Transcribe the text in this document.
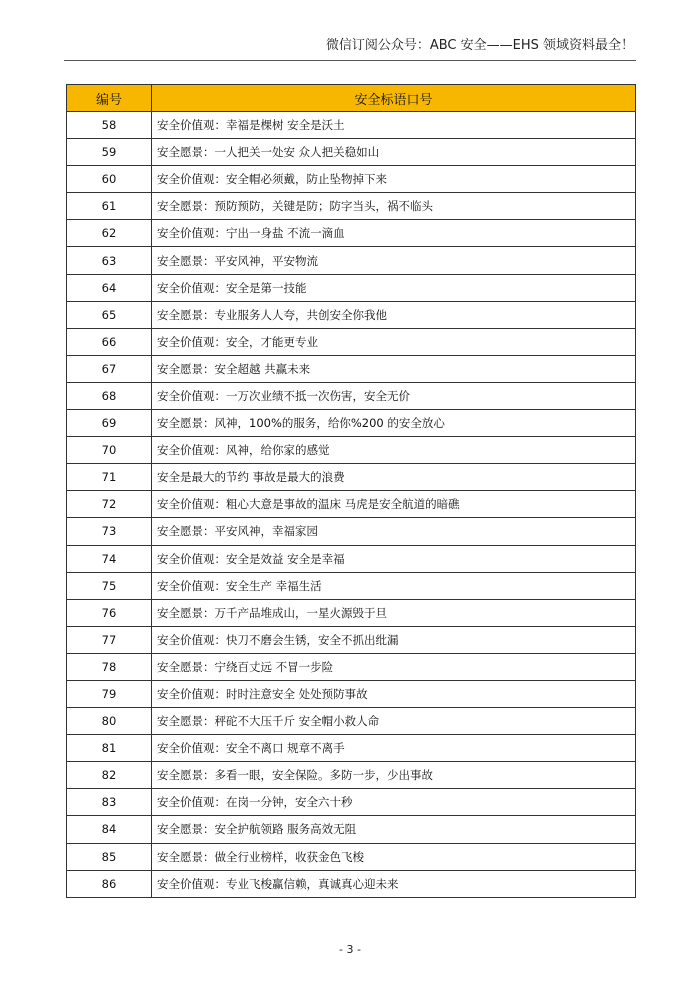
微信订阅公众号：ABC 安全——EHS 领域资料最全！
编号	安全标语口号
58	安全价值观：幸福是棵树 安全是沃土
59	安全愿景：一人把关一处安 众人把关稳如山
60	安全价值观：安全帽必须戴，防止坠物掉下来
61	安全愿景：预防预防，关键是防；防字当头，祸不临头
62	安全价值观：宁出一身盐 不流一滴血
63	安全愿景：平安风神，平安物流
64	安全价值观：安全是第一技能
65	安全愿景：专业服务人人夸，共创安全你我他
66	安全价值观：安全，才能更专业
67	安全愿景：安全超越 共赢未来
68	安全价值观：一万次业绩不抵一次伤害，安全无价
69	安全愿景：风神，100%的服务，给你%200 的安全放心
70	安全价值观：风神，给你家的感觉
71	安全是最大的节约 事故是最大的浪费
72	安全价值观：粗心大意是事故的温床 马虎是安全航道的暗礁
73	安全愿景：平安风神，幸福家园
74	安全价值观：安全是效益 安全是幸福
75	安全价值观：安全生产 幸福生活
76	安全愿景：万千产品堆成山，一星火源毁于旦
77	安全价值观：快刀不磨会生锈，安全不抓出纰漏
78	安全愿景：宁绕百丈远 不冒一步险
79	安全价值观：时时注意安全 处处预防事故
80	安全愿景：秤砣不大压千斤 安全帽小救人命
81	安全价值观：安全不离口 规章不离手
82	安全愿景：多看一眼，安全保险。多防一步，少出事故
83	安全价值观：在岗一分钟，安全六十秒
84	安全愿景：安全护航领路 服务高效无阻
85	安全愿景：做全行业榜样，收获金色飞梭
86	安全价值观：专业飞梭赢信赖，真诚真心迎未来
- 3 -
